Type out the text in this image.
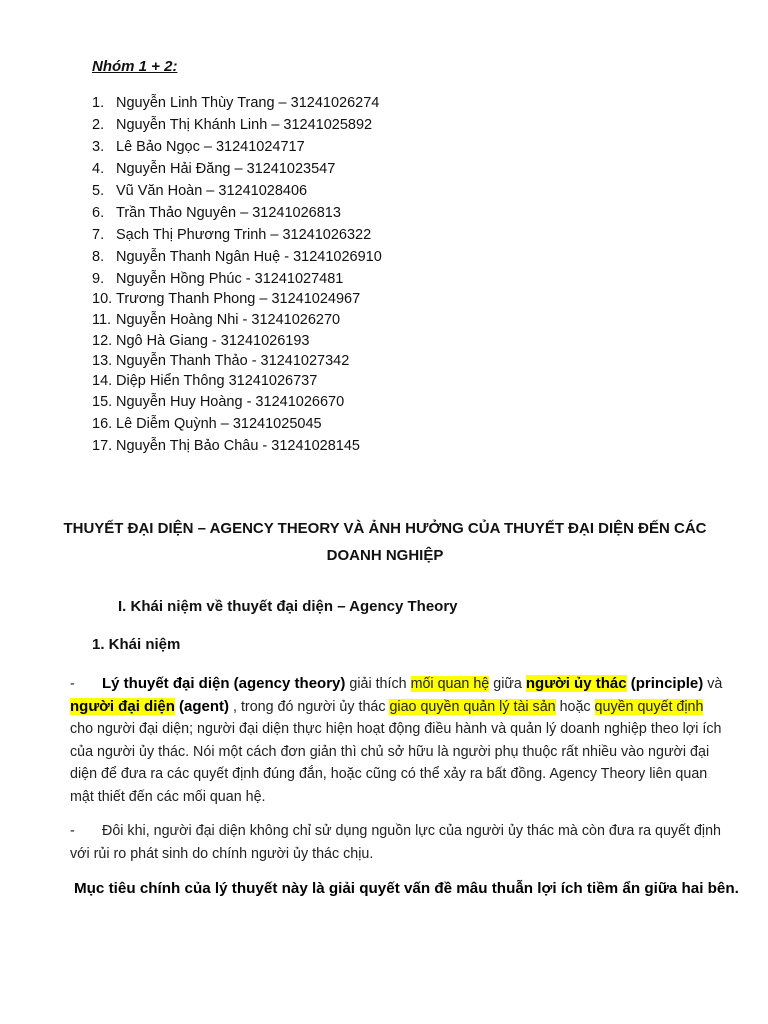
Nhóm 1 + 2:
1. Nguyễn Linh Thùy Trang – 31241026274
2. Nguyễn Thị Khánh Linh – 31241025892
3. Lê Bảo Ngọc – 31241024717
4. Nguyễn Hải Đăng – 31241023547
5. Vũ Văn Hoàn – 31241028406
6. Trần Thảo Nguyên – 31241026813
7. Sạch Thị Phương Trinh – 31241026322
8. Nguyễn Thanh Ngân Huệ - 31241026910
9. Nguyễn Hồng Phúc - 31241027481
10. Trương Thanh Phong – 31241024967
11. Nguyễn Hoàng Nhi - 31241026270
12. Ngô Hà Giang - 31241026193
13. Nguyễn Thanh Thảo - 31241027342
14. Diệp Hiển Thông 31241026737
15. Nguyễn Huy Hoàng - 31241026670
16. Lê Diễm Quỳnh – 31241025045
17. Nguyễn Thị Bảo Châu - 31241028145
THUYẾT ĐẠI DIỆN – AGENCY THEORY VÀ ẢNH HƯỞNG CỦA THUYẾT ĐẠI DIỆN ĐẾN CÁC
DOANH NGHIỆP
I. Khái niệm về thuyết đại diện – Agency Theory
1. Khái niệm
- Lý thuyết đại diện (agency theory) giải thích mối quan hệ giữa người ủy thác (principle) và người đại diện (agent) , trong đó người ủy thác giao quyền quản lý tài sản hoặc quyền quyết định cho người đại diện; người đại diện thực hiện hoạt động điều hành và quản lý doanh nghiệp theo lợi ích của người ủy thác. Nói một cách đơn giản thì chủ sở hữu là người phụ thuộc rất nhiều vào người đại diện để đưa ra các quyết định đúng đắn, hoặc cũng có thể xảy ra bất đồng. Agency Theory liên quan mật thiết đến các mối quan hệ.
- Đôi khi, người đại diện không chỉ sử dụng nguồn lực của người ủy thác mà còn đưa ra quyết định với rủi ro phát sinh do chính người ủy thác chịu.
Mục tiêu chính của lý thuyết này là giải quyết vấn đề mâu thuẫn lợi ích tiềm ẩn giữa hai bên.
